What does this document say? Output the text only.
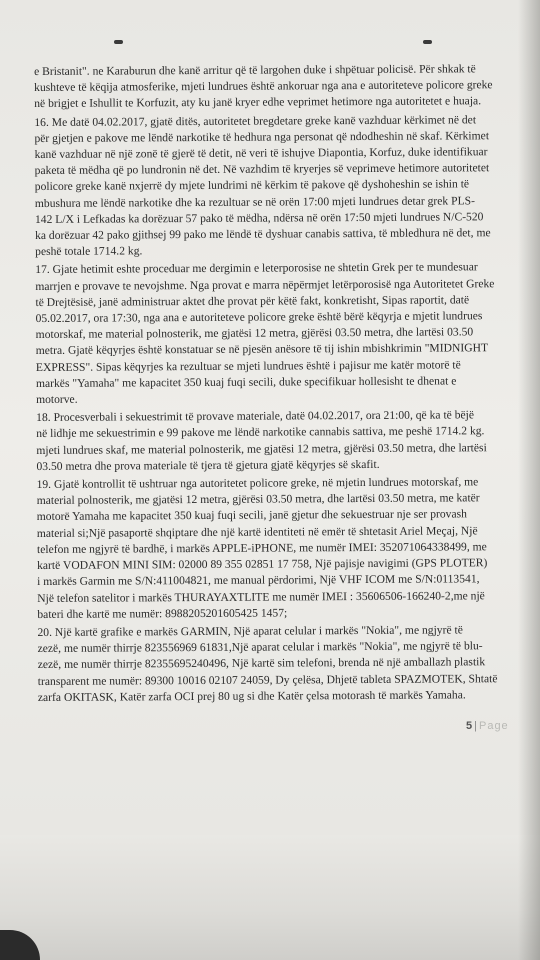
e Bristanit". ne Karaburun dhe kanë arritur që të largohen duke i shpëtuar policisë. Për shkak të
kushteve të këqija atmosferike, mjeti lundrues është ankoruar nga ana e autoriteteve policore greke
në brigjet e Ishullit te Korfuzit, aty ku janë kryer edhe veprimet hetimore nga autoritetet e huaja.

16. Me datë 04.02.2017, gjatë ditës, autoritetet bregdetare greke kanë vazhduar kërkimet në det
për gjetjen e pakove me lëndë narkotike të hedhura nga personat që ndodheshin në skaf. Kërkimet
kanë vazhduar në një zonë të gjerë të detit, në veri të ishujve Diapontia, Korfuz, duke identifikuar
paketa të mëdha që po lundronin në det. Në vazhdim të kryerjes së veprimeve hetimore autoritetet
policore greke kanë nxjerrë dy mjete lundrimi në kërkim të pakove që dyshoheshin se ishin të
mbushura me lëndë narkotike dhe ka rezultuar se në orën 17:00 mjeti lundrues detar grek PLS-
142 L/X i Lefkadas ka dorëzuar 57 pako të mëdha, ndërsa në orën 17:50 mjeti lundrues N/C-520
ka dorëzuar 42 pako gjithsej 99 pako me lëndë të dyshuar canabis sattiva, të mbledhura në det, me
peshë totale 1714.2 kg.

17. Gjate hetimit eshte proceduar me dergimin e leterporosise ne shtetin Grek per te mundesuar
marrjen e provave te nevojshme. Nga provat e marra nëpërmjet letërporosisë nga Autoritetet Greke
të Drejtësisë, janë administruar aktet dhe provat për këtë fakt, konkretisht, Sipas raportit, datë
05.02.2017, ora 17:30, nga ana e autoriteteve policore greke është bërë këqyrja e mjetit lundrues
motorskaf, me material polnosterik, me gjatësi 12 metra, gjërësi 03.50 metra, dhe lartësi 03.50
metra. Gjatë këqyrjes është konstatuar se në pjesën anësore të tij ishin mbishkrimin "MIDNIGHT
EXPRESS". Sipas këqyrjes ka rezultuar se mjeti lundrues është i pajisur me katër motorë të
markës "Yamaha" me kapacitet 350 kuaj fuqi secili, duke specifikuar hollesisht te dhenat e
motorve.

18. Procesverbali i sekuestrimit të provave materiale, datë 04.02.2017, ora 21:00, që ka të bëjë
në lidhje me sekuestrimin e 99 pakove me lëndë narkotike cannabis sattiva, me peshë 1714.2 kg.
mjeti lundrues skaf, me material polnosterik, me gjatësi 12 metra, gjërësi 03.50 metra, dhe lartësi
03.50 metra dhe prova materiale të tjera të gjetura gjatë këqyrjes së skafit.

19. Gjatë kontrollit të ushtruar nga autoritetet policore greke, në mjetin lundrues motorskaf, me
material polnosterik, me gjatësi 12 metra, gjërësi 03.50 metra, dhe lartësi 03.50 metra, me katër
motorë Yamaha me kapacitet 350 kuaj fuqi secili, janë gjetur dhe sekuestruar nje ser provash
material si;Një pasaportë shqiptare dhe një kartë identiteti në emër të shtetasit Ariel Meçaj, Një
telefon me ngjyrë të bardhë, i markës APPLE-iPHONE, me numër IMEI: 352071064338499, me
kartë VODAFON MINI SIM: 02000 89 355 02851 17 758, Një pajisje navigimi (GPS PLOTER)
i markës Garmin me S/N:411004821, me manual përdorimi, Një VHF ICOM me S/N:0113541,
Një telefon satelitor i markës THURAYAXTLITE me numër IMEI : 35606506-166240-2,me një
bateri dhe kartë me numër: 8988205201605425 1457;

20. Një kartë grafike e markës GARMIN, Një aparat celular i markës "Nokia", me ngjyrë të
zezë, me numër thirrje 823556969 61831,Një aparat celular i markës "Nokia", me ngjyrë të blu-
zezë, me numër thirrje 82355695240496, Një kartë sim telefoni, brenda në një amballazh plastik
transparent me numër: 89300 10016 02107 24059, Dy çelësa, Dhjetë tableta SPAZMOTEK, Shtatë
zarfa OKITASK, Katër zarfa OCI prej 80 ug si dhe Katër çelsa motorash të markës Yamaha.

5 | Page
